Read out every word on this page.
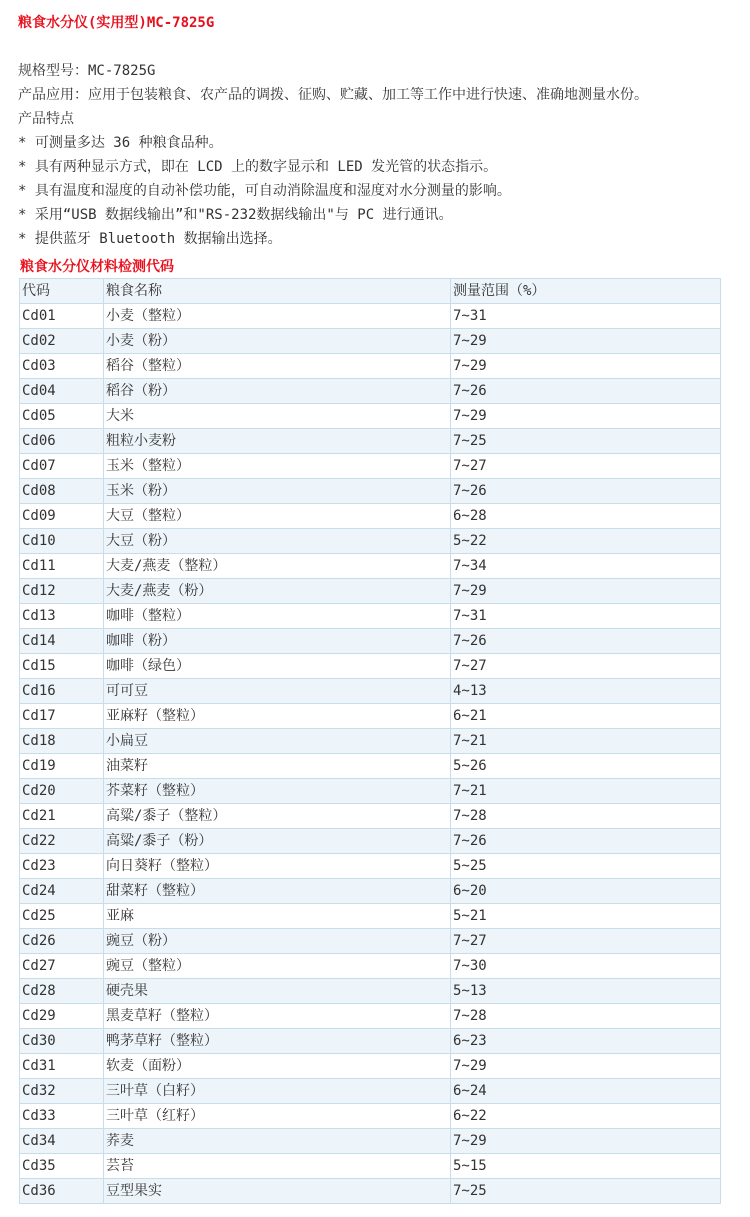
粮食水分仪(实用型)MC-7825G
规格型号：MC-7825G
产品应用：应用于包装粮食、农产品的调拨、征购、贮藏、加工等工作中进行快速、准确地测量水份。
产品特点
* 可测量多达 36 种粮食品种。
* 具有两种显示方式，即在 LCD 上的数字显示和 LED 发光管的状态指示。
* 具有温度和湿度的自动补偿功能，可自动消除温度和湿度对水分测量的影响。
* 采用“USB 数据线输出”和"RS-232数据线输出"与 PC 进行通讯。
* 提供蓝牙 Bluetooth 数据输出选择。
粮食水分仪材料检测代码
代码	粮食名称	测量范围（%）
Cd01	小麦（整粒）	7~31
Cd02	小麦（粉）	7~29
Cd03	稻谷（整粒）	7~29
Cd04	稻谷（粉）	7~26
Cd05	大米	7~29
Cd06	粗粒小麦粉	7~25
Cd07	玉米（整粒）	7~27
Cd08	玉米（粉）	7~26
Cd09	大豆（整粒）	6~28
Cd10	大豆（粉）	5~22
Cd11	大麦/燕麦（整粒）	7~34
Cd12	大麦/燕麦（粉）	7~29
Cd13	咖啡（整粒）	7~31
Cd14	咖啡（粉）	7~26
Cd15	咖啡（绿色）	7~27
Cd16	可可豆	4~13
Cd17	亚麻籽（整粒）	6~21
Cd18	小扁豆	7~21
Cd19	油菜籽	5~26
Cd20	芥菜籽（整粒）	7~21
Cd21	高粱/黍子（整粒）	7~28
Cd22	高粱/黍子（粉）	7~26
Cd23	向日葵籽（整粒）	5~25
Cd24	甜菜籽（整粒）	6~20
Cd25	亚麻	5~21
Cd26	豌豆（粉）	7~27
Cd27	豌豆（整粒）	7~30
Cd28	硬壳果	5~13
Cd29	黑麦草籽（整粒）	7~28
Cd30	鸭茅草籽（整粒）	6~23
Cd31	软麦（面粉）	7~29
Cd32	三叶草（白籽）	6~24
Cd33	三叶草（红籽）	6~22
Cd34	荞麦	7~29
Cd35	芸苔	5~15
Cd36	豆型果实	7~25
